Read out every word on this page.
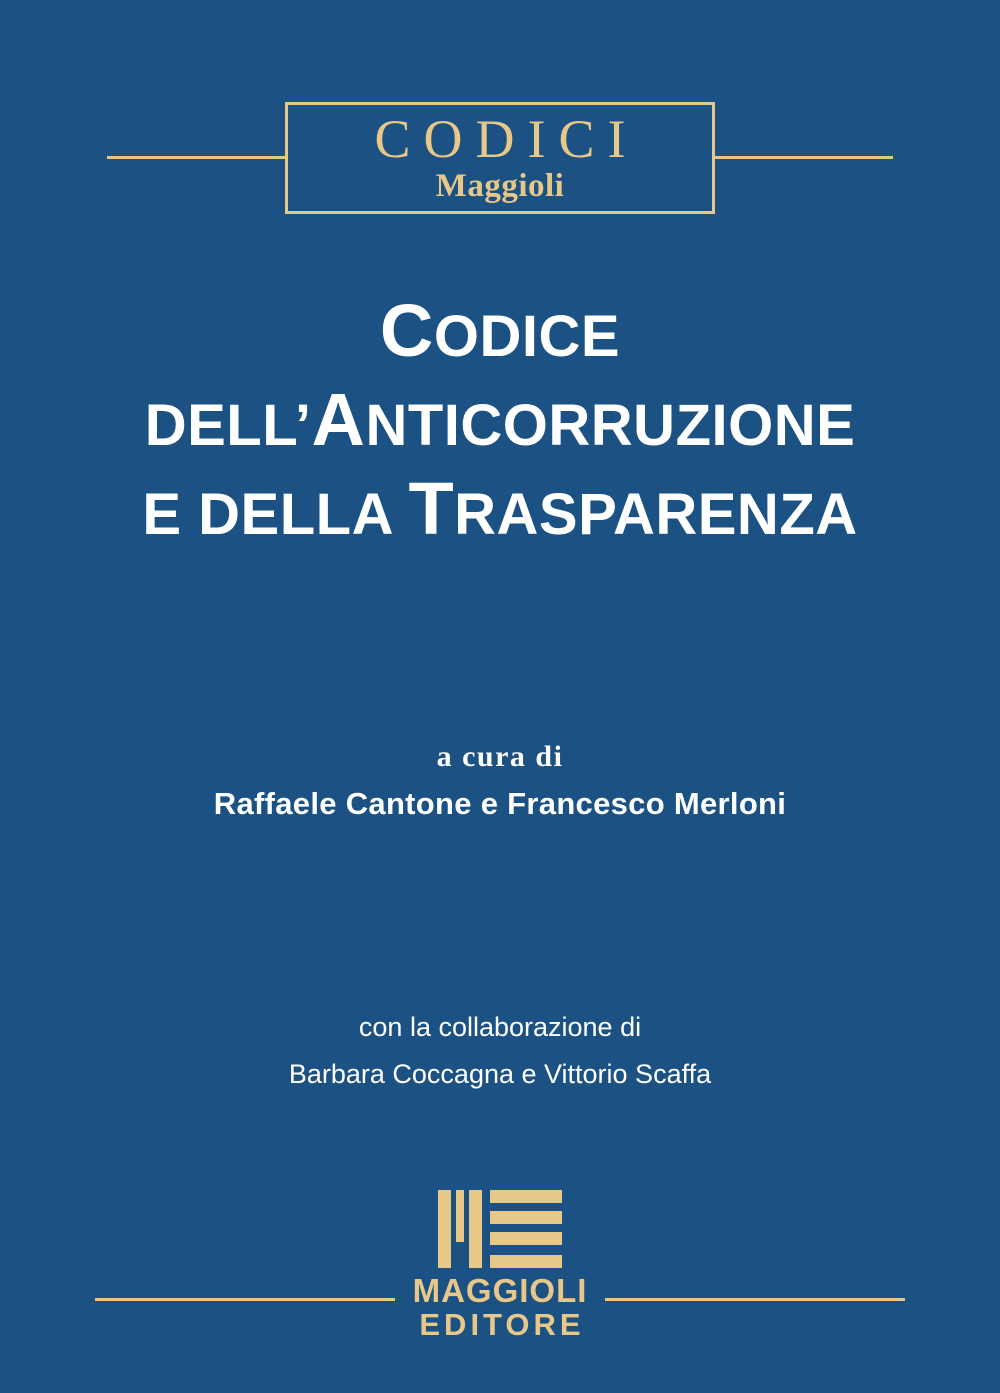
CODICI
Maggioli
CODICE
DELL’ANTICORRUZIONE
E DELLA TRASPARENZA
a cura di
Raffaele Cantone e Francesco Merloni
con la collaborazione di
Barbara Coccagna e Vittorio Scaffa
MAGGIOLI
EDITORE
